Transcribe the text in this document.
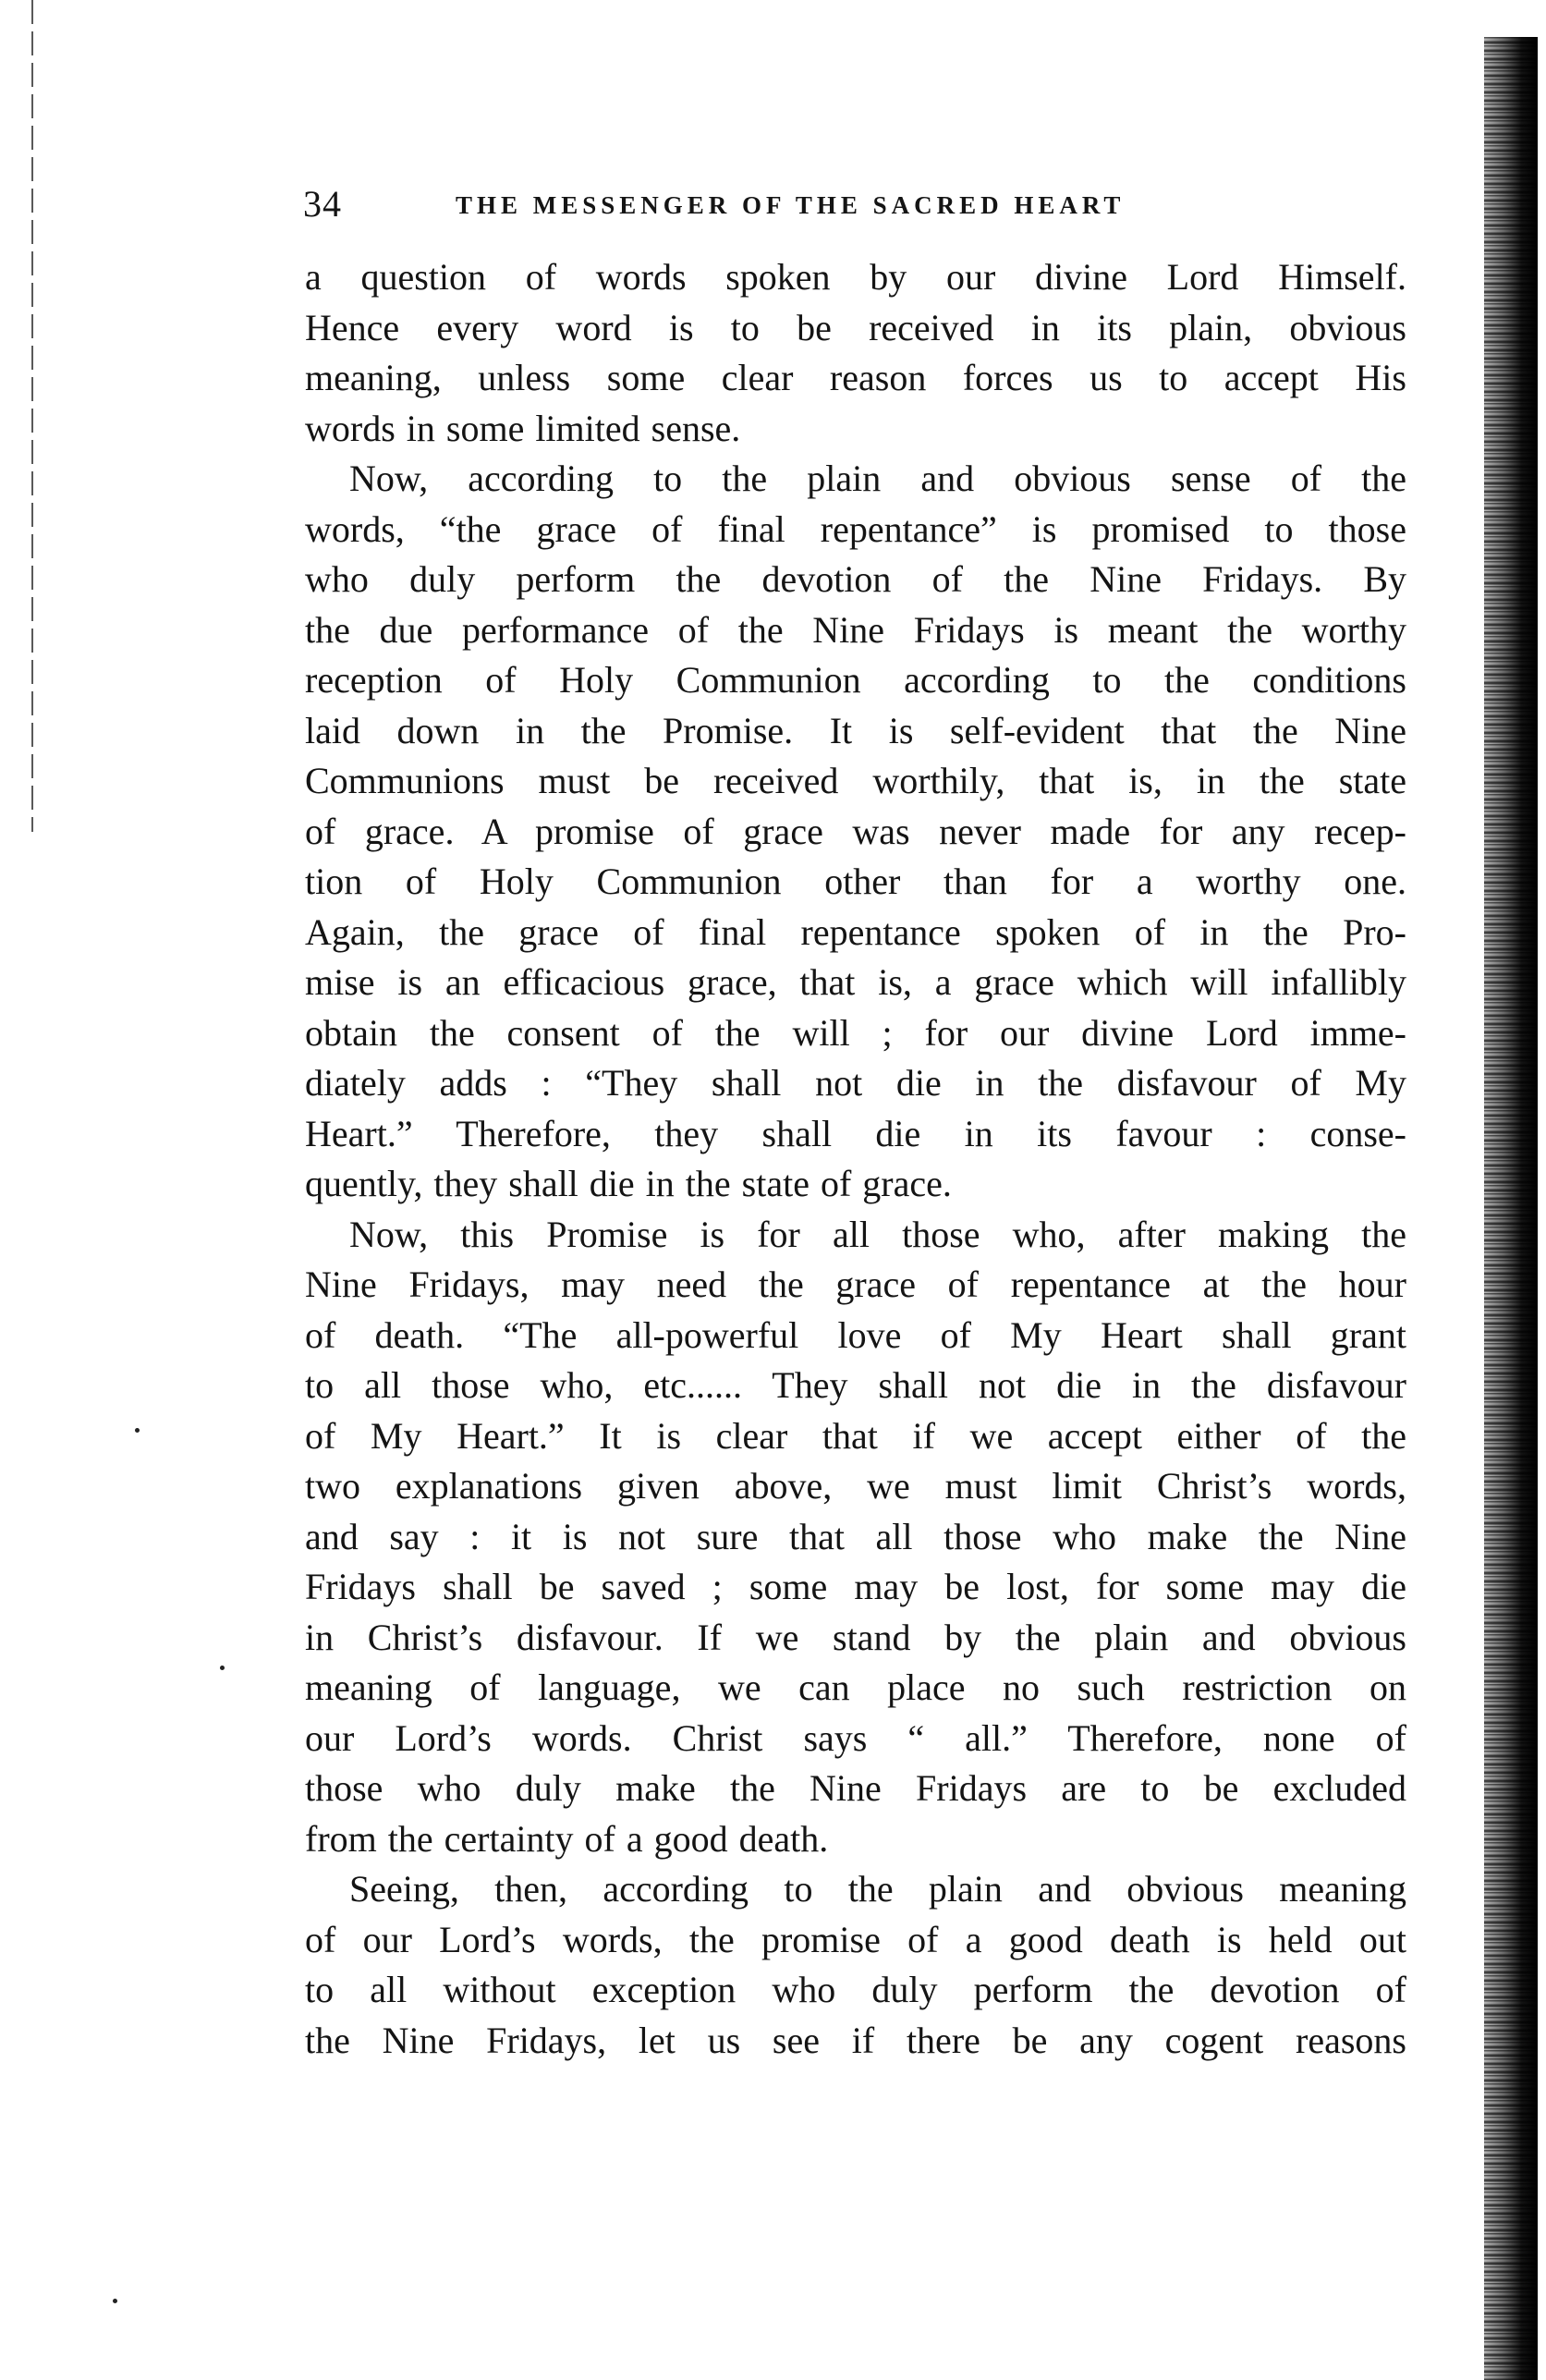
34	THE MESSENGER OF THE SACRED HEART
a question of words spoken by our divine Lord Himself.
Hence every word is to be received in its plain, obvious
meaning, unless some clear reason forces us to accept His
words in some limited sense.
Now, according to the plain and obvious sense of the
words, “the grace of final repentance” is promised to those
who duly perform the devotion of the Nine Fridays. By
the due performance of the Nine Fridays is meant the worthy
reception of Holy Communion according to the conditions
laid down in the Promise. It is self-evident that the Nine
Communions must be received worthily, that is, in the state
of grace. A promise of grace was never made for any recep-
tion of Holy Communion other than for a worthy one.
Again, the grace of final repentance spoken of in the Pro-
mise is an efficacious grace, that is, a grace which will infallibly
obtain the consent of the will ; for our divine Lord imme-
diately adds : “They shall not die in the disfavour of My
Heart.” Therefore, they shall die in its favour : conse-
quently, they shall die in the state of grace.
Now, this Promise is for all those who, after making the
Nine Fridays, may need the grace of repentance at the hour
of death. “The all-powerful love of My Heart shall grant
to all those who, etc...... They shall not die in the disfavour
of My Heart.” It is clear that if we accept either of the
two explanations given above, we must limit Christ’s words,
and say : it is not sure that all those who make the Nine
Fridays shall be saved ; some may be lost, for some may die
in Christ’s disfavour. If we stand by the plain and obvious
meaning of language, we can place no such restriction on
our Lord’s words. Christ says “ all.” Therefore, none of
those who duly make the Nine Fridays are to be excluded
from the certainty of a good death.
Seeing, then, according to the plain and obvious meaning
of our Lord’s words, the promise of a good death is held out
to all without exception who duly perform the devotion of
the Nine Fridays, let us see if there be any cogent reasons
